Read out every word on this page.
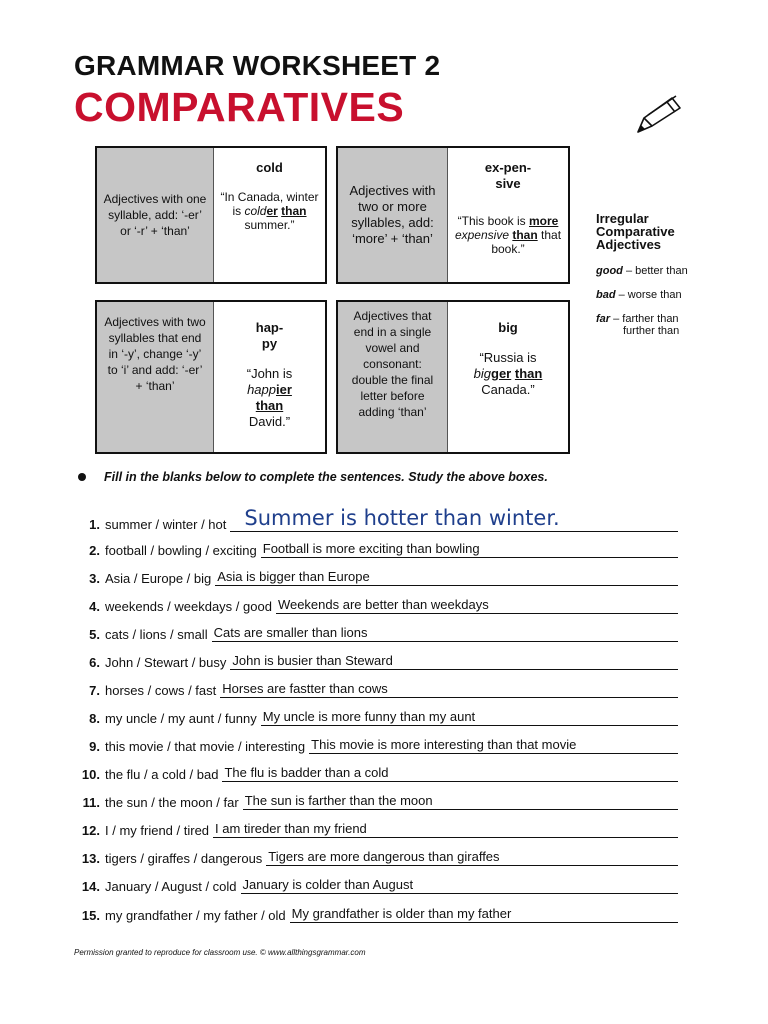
GRAMMAR WORKSHEET 2
COMPARATIVES
Adjectives with one syllable, add: ‘-er’ or ‘-r’ + ‘than’
cold
“In Canada, winter is colder than summer.”
Adjectives with two or more syllables, add: ‘more’ + ‘than’
ex-pen-sive
“This book is more expensive than that book.”
Adjectives with two syllables that end in ‘-y’, change ‘-y’ to ‘i’ and add: ‘-er’ + ‘than’
hap-py
“John is happier than David.”
Adjectives that end in a single vowel and consonant: double the final letter before adding ‘than’
big
“Russia is bigger than Canada.”
Irregular Comparative Adjectives
good – better than
bad – worse than
far – farther than
further than
Fill in the blanks below to complete the sentences. Study the above boxes.
1. summer / winter / hot Summer is hotter than winter.
2. football / bowling / exciting Football is more exciting than bowling
3. Asia / Europe / big Asia is bigger than Europe
4. weekends / weekdays / good Weekends are better than weekdays
5. cats / lions / small Cats are smaller than lions
6. John / Stewart / busy John is busier than Steward
7. horses / cows / fast Horses are fastter than cows
8. my uncle / my aunt / funny My uncle is more funny than my aunt
9. this movie / that movie / interesting This movie is more interesting than that movie
10. the flu / a cold / bad The flu is badder than a cold
11. the sun / the moon / far The sun is farther than the moon
12. I / my friend / tired I am tireder than my friend
13. tigers / giraffes / dangerous Tigers are more dangerous than giraffes
14. January / August / cold January is colder than August
15. my grandfather / my father / old My grandfather is older than my father
Permission granted to reproduce for classroom use. © www.allthingsgrammar.com
